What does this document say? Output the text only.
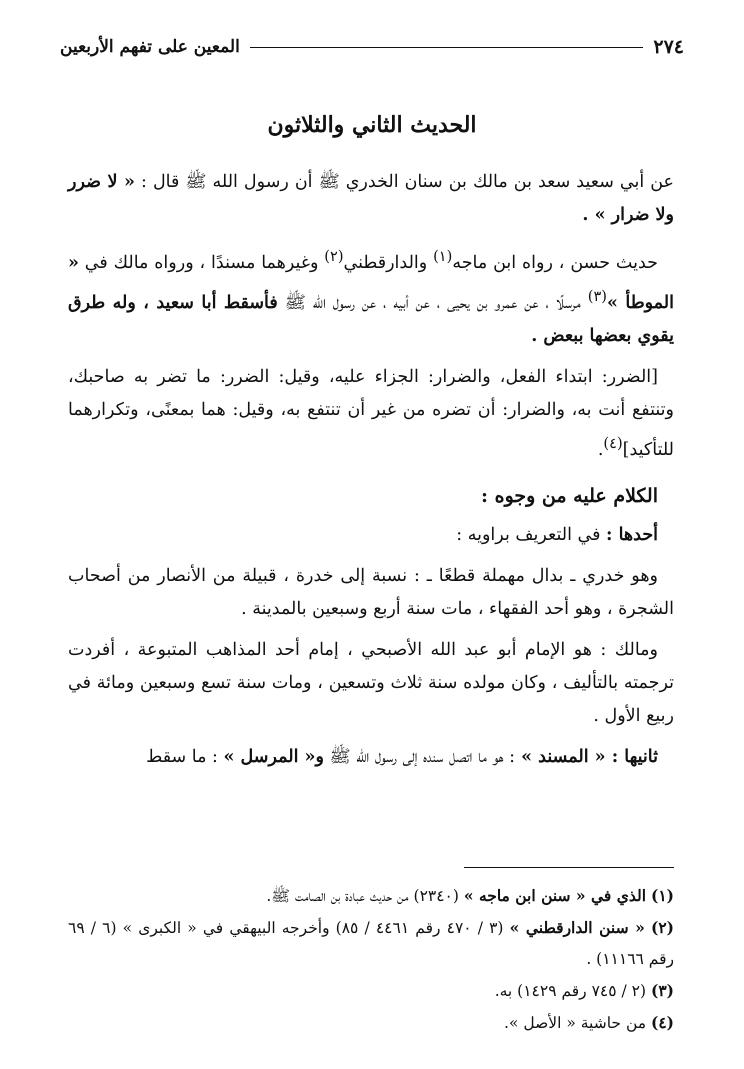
٢٧٤
المعين على تفهم الأربعين
الحديث الثاني والثلاثون

عن أبي سعيد سعد بن مالك بن سنان الخدري ﷺ أن رسول الله ﷺ قال : « لا ضرر ولا ضرار » .

حديث حسن ، رواه ابن ماجه$^{(١)}$ والدارقطني$^{(٢)}$ وغيرهما مسندًا ، ورواه مالك في « الموطأ »$^{(٣)}$ مرسلًا ، عن عمرو بن يحيى ، عن أبيه ، عن رسول الله ﷺ فأسقط أبا سعيد ، وله طرق يقوي بعضها ببعض .

[الضرر: ابتداء الفعل، والضرار: الجزاء عليه، وقيل: الضرر: ما تضر به صاحبك، وتنتفع أنت به، والضرار: أن تضره من غير أن تنتفع به، وقيل: هما بمعنًى، وتكرارهما للتأكيد]$^{(٤)}$.

الكلام عليه من وجوه :

أحدها : في التعريف براويه :

وهو خدري ـ بدال مهملة قطعًا ـ : نسبة إلى خدرة ، قبيلة من الأنصار من أصحاب الشجرة ، وهو أحد الفقهاء ، مات سنة أربع وسبعين بالمدينة .

ومالك : هو الإمام أبو عبد الله الأصبحي ، إمام أحد المذاهب المتبوعة ، أفردت ترجمته بالتأليف ، وكان مولده سنة ثلاث وتسعين ، ومات سنة تسع وسبعين ومائة في ربيع الأول .

ثانيها : « المسند » : هو ما اتصل سنده إلى رسول الله ﷺ و« المرسل » : ما سقط

(١) الذي في « سنن ابن ماجه » (٢٣٤٠) من حديث عبادة بن الصامت ﷺ.

(٢) « سنن الدارقطني » (٣ / ٤٧٠ رقم ٤٤٦١ / ٨٥) وأخرجه البيهقي في « الكبرى » (٦ / ٦٩ رقم ١١١٦٦) .

(٣) (٢ / ٧٤٥ رقم ١٤٢٩) به.

(٤) من حاشية « الأصل ».
